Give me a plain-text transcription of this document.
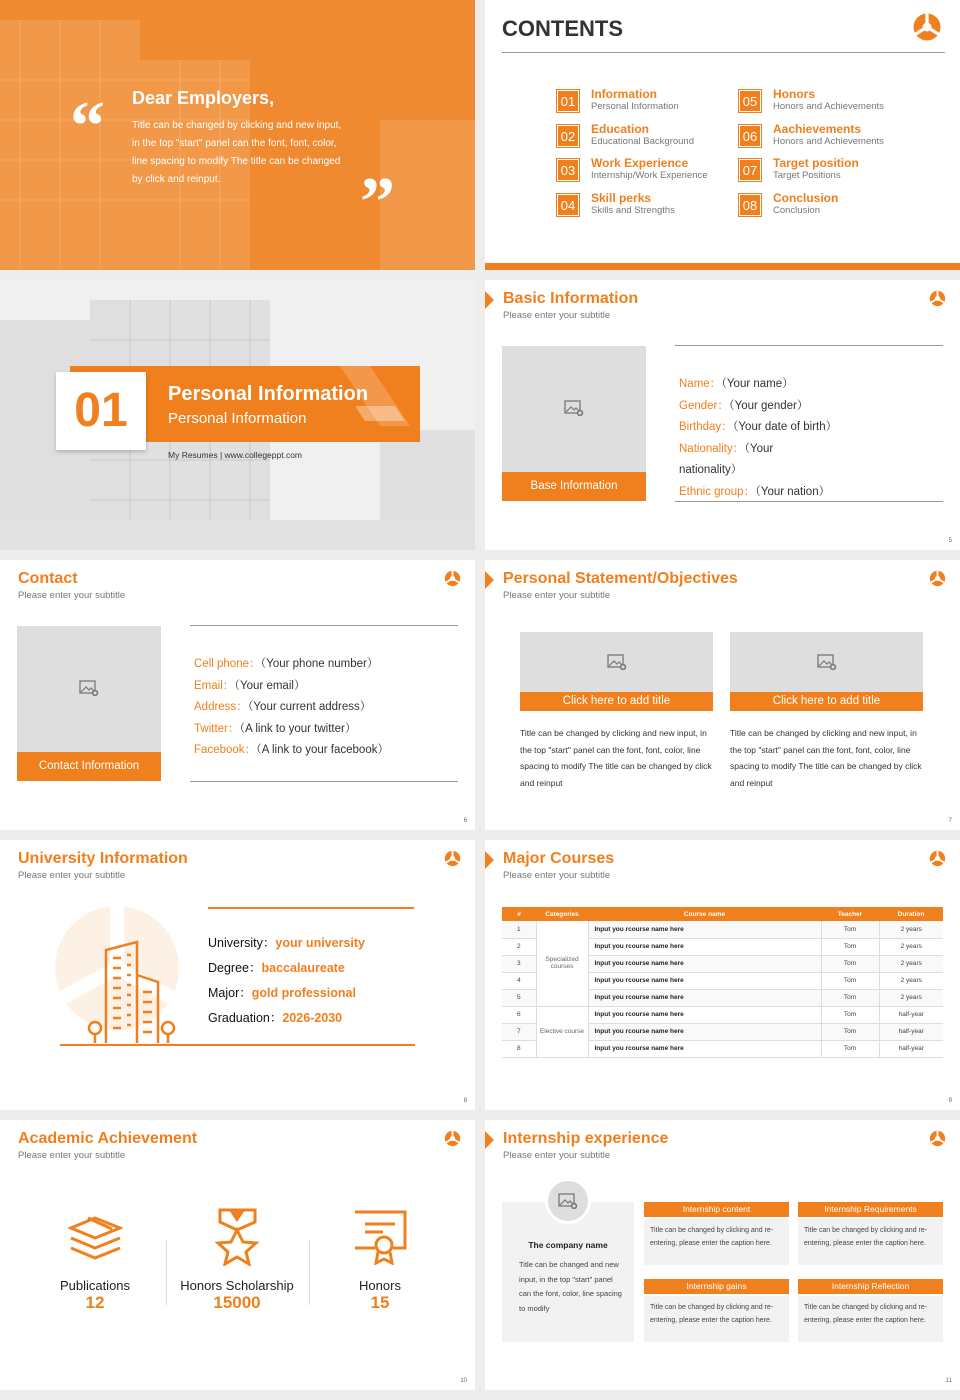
“
”
Dear Employers,
Title can be changed by clicking and new input, in the top "start" panel can the font, font, color, line spacing to modify The title can be changed by click and reinput.
CONTENTS
01	Information
Personal Information
02	Education
Educational Background
03	Work Experience
Internship/Work Experience
04	Skill perks
Skills and Strengths
05	Honors
Honors and Achievements
06	Aachievements
Honors and Achievements
07	Target position
Target Positions
08	Conclusion
Conclusion
01	Personal Information
Personal Information
My Resumes | www.collegeppt.com
Basic Information
Please enter your subtitle
Base Information
Name：（Your name）
Gender：（Your gender）
Birthday：（Your date of birth）
Nationality：（Your
nationality）
Ethnic group：（Your nation）
5
Contact
Please enter your subtitle
Contact Information
Cell phone：（Your phone number）
Email：（Your email）
Address：（Your current address）
Twitter：（A link to your twitter）
Facebook：（A link to your facebook）
6
Personal Statement/Objectives
Please enter your subtitle
Click here to add title
Title can be changed by clicking and new input, in the top "start" panel can the font, font, color, line spacing to modify The title can be changed by click and reinput
Click here to add title
Title can be changed by clicking and new input, in the top "start" panel can the font, font, color, line spacing to modify The title can be changed by click and reinput
7
University Information
Please enter your subtitle
University：your university
Degree：baccalaureate
Major：gold professional
Graduation：2026-2030
8
Major Courses
Please enter your subtitle
#	Categories	Course name	Teacher	Duration
1	Specialized courses	Input you rcourse name here	Tom	2 years
2		Input you rcourse name here	Tom	2 years
3		Input you rcourse name here	Tom	2 years
4		Input you rcourse name here	Tom	2 years
5		Input you rcourse name here	Tom	2 years
6	Elective course	Input you rcourse name here	Tom	half-year
7		Input you rcourse name here	Tom	half-year
8		Input you rcourse name here	Tom	half-year
9
Academic Achievement
Please enter your subtitle
10
Publications
12
Honors Scholarship
15000
Honors
15
Internship experience
Please enter your subtitle
The company name
Title can be changed and new input, in the top "start" panel can the font, color, line spacing to modify
Internship content
Title can be changed by clicking and re-entering, please enter the caption here.
Internship Requirements
Title can be changed by clicking and re-entering, please enter the caption here.
Internship gains
Title can be changed by clicking and re-entering, please enter the caption here.
Internship Reflection
Title can be changed by clicking and re-entering, please enter the caption here.
11
